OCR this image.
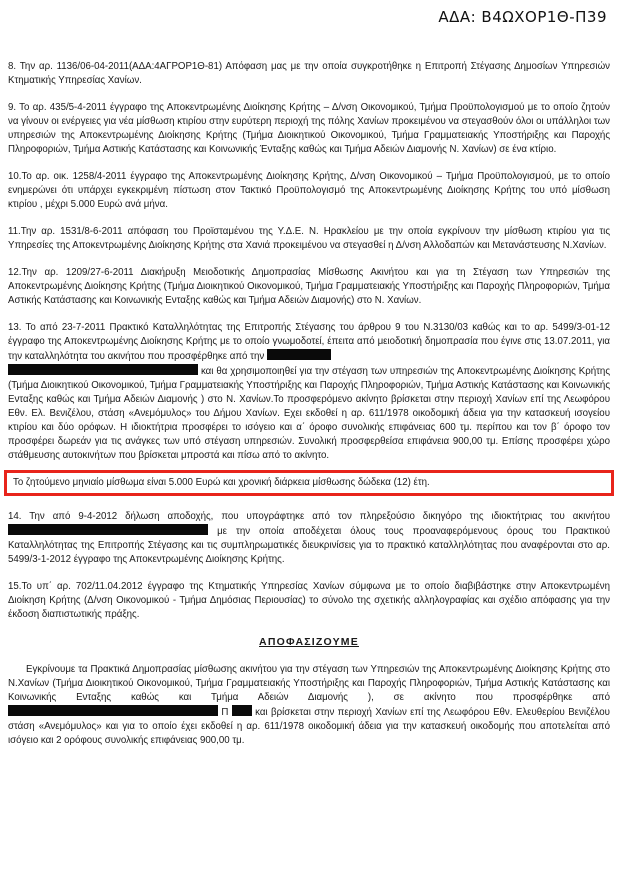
ΑΔΑ: Β4ΩΧΟΡ1Θ-Π39

8. Την αρ. 1136/06-04-2011(ΑΔΑ:4ΑΓΡΟΡ1Θ-81) Απόφαση μας με την οποία συγκροτήθηκε η Επιτροπή Στέγασης Δημοσίων Υπηρεσιών Κτηματικής Υπηρεσίας Χανίων.

9. Το αρ. 435/5-4-2011 έγγραφο της Αποκεντρωμένης Διοίκησης Κρήτης – Δ/νση Οικονομικού, Τμήμα Προϋπολογισμού με το οποίο ζητούν να γίνουν οι ενέργειες για νέα μίσθωση κτιρίου στην ευρύτερη περιοχή της πόλης Χανίων προκειμένου να στεγασθούν όλοι οι υπάλληλοι των υπηρεσιών της Αποκεντρωμένης Διοίκησης Κρήτης (Τμήμα Διοικητικού Οικονομικού, Τμήμα Γραμματειακής Υποστήριξης και Παροχής Πληροφοριών, Τμήμα Αστικής Κατάστασης και Κοινωνικής Ένταξης καθώς και Τμήμα Αδειών Διαμονής Ν. Χανίων) σε ένα κτίριο.

10.Το αρ. οικ. 1258/4-2011 έγγραφο της Αποκεντρωμένης Διοίκησης Κρήτης, Δ/νση Οικονομικού – Τμήμα Προϋπολογισμού, με το οποίο ενημερώνει ότι υπάρχει εγκεκριμένη πίστωση στον Τακτικό Προϋπολογισμό της Αποκεντρωμένης Διοίκησης Κρήτης του υπό μίσθωση κτιρίου , μέχρι 5.000 Ευρώ ανά μήνα.

11.Την αρ. 1531/8-6-2011 απόφαση του Προϊσταμένου της Υ.Δ.Ε. Ν. Ηρακλείου με την οποία εγκρίνουν την μίσθωση κτιρίου για τις Υπηρεσίες της Αποκεντρωμένης Διοίκησης Κρήτης στα Χανιά προκειμένου να στεγασθεί η Δ/νση Αλλοδαπών και Μετανάστευσης Ν.Χανίων.

12.Την αρ. 1209/27-6-2011 Διακήρυξη Μειοδοτικής Δημοπρασίας Μίσθωσης Ακινήτου και για τη Στέγαση των Υπηρεσιών της Αποκεντρωμένης Διοίκησης Κρήτης (Τμήμα Διοικητικού Οικονομικού, Τμήμα Γραμματειακής Υποστήριξης και Παροχής Πληροφοριών, Τμήμα Αστικής Κατάστασης και Κοινωνικής Ενταξης καθώς και Τμήμα Αδειών Διαμονής) στο Ν. Χανίων.

13. Το από 23-7-2011 Πρακτικό Καταλληλότητας της Επιτροπής Στέγασης του άρθρου 9 του Ν.3130/03 καθώς και το αρ. 5499/3-01-12 έγγραφο της Αποκεντρωμένης Διοίκησης Κρήτης με το οποίο γνωμοδοτεί, έπειτα από μειοδοτική δημοπρασία που έγινε στις 13.07.2011, για την καταλληλότητα του ακινήτου που προσφέρθηκε από την
και θα χρησιμοποιηθεί για την στέγαση των υπηρεσιών της Αποκεντρωμένης Διοίκησης Κρήτης (Τμήμα Διοικητικού Οικονομικού, Τμήμα Γραμματειακής Υποστήριξης και Παροχής Πληροφοριών, Τμήμα Αστικής Κατάστασης και Κοινωνικής Ενταξης καθώς και Τμήμα Αδειών Διαμονής ) στο Ν. Χανίων.Το προσφερόμενο ακίνητο βρίσκεται στην περιοχή Χανίων επί της Λεωφόρου Εθν. Ελ. Βενιζέλου, στάση «Ανεμόμυλος» του Δήμου Χανίων. Εχει εκδοθεί η αρ. 611/1978 οικοδομική άδεια για την κατασκευή ισογείου κτιρίου και δύο ορόφων. Η ιδιοκτήτρια προσφέρει το ισόγειο και α΄ όροφο συνολικής επιφάνειας 600 τμ. περίπου και τον β΄ όροφο τον προσφέρει δωρεάν για τις ανάγκες των υπό στέγαση υπηρεσιών. Συνολική προσφερθείσα επιφάνεια 900,00 τμ. Επίσης προσφέρει χώρο στάθμευσης αυτοκινήτων που βρίσκεται μπροστά και πίσω από το ακίνητο.

Το ζητούμενο μηνιαίο μίσθωμα είναι 5.000 Ευρώ και χρονική διάρκεια μίσθωσης δώδεκα (12) έτη.

14. Την από 9-4-2012 δήλωση αποδοχής, που υπογράφτηκε από τον πληρεξούσιο δικηγόρο της ιδιοκτήτριας του ακινήτου  με την οποία αποδέχεται όλους τους προαναφερόμενους όρους του Πρακτικού Καταλληλότητας της Επιτροπής Στέγασης και τις συμπληρωματικές διευκρινίσεις για το πρακτικό καταλληλότητας που αναφέρονται στο αρ. 5499/3-1-2012 έγγραφο της Αποκεντρωμένης Διοίκησης Κρήτης.

15.Το υπ΄ αρ. 702/11.04.2012 έγγραφο της Κτηματικής Υπηρεσίας Χανίων σύμφωνα με το οποίο διαβιβάστηκε στην Αποκεντρωμένη Διοίκηση Κρήτης (Δ/νση Οικονομικού - Τμήμα Δημόσιας Περιουσίας) το σύνολο της σχετικής αλληλογραφίας και σχέδιο απόφασης για την έκδοση διαπιστωτικής πράξης.

ΑΠΟΦΑΣΙΖΟΥΜΕ

Εγκρίνουμε τα Πρακτικά Δημοπρασίας μίσθωσης ακινήτου για την στέγαση των Υπηρεσιών της Αποκεντρωμένης Διοίκησης Κρήτης στο Ν.Χανίων (Τμήμα Διοικητικού Οικονομικού, Τμήμα Γραμματειακής Υποστήριξης και Παροχής Πληροφοριών, Τμήμα Αστικής Κατάστασης και Κοινωνικής Ενταξης καθώς και Τμήμα Αδειών Διαμονής ), σε ακίνητο που προσφέρθηκε από  Π	και βρίσκεται στην περιοχή Χανίων επί της Λεωφόρου Εθν. Ελευθερίου Βενιζέλου στάση «Ανεμόμυλος» και για το οποίο έχει εκδοθεί η αρ. 611/1978 οικοδομική άδεια για την κατασκευή οικοδομής που αποτελείται από ισόγειο και 2 ορόφους συνολικής επιφάνειας 900,00 τμ.
